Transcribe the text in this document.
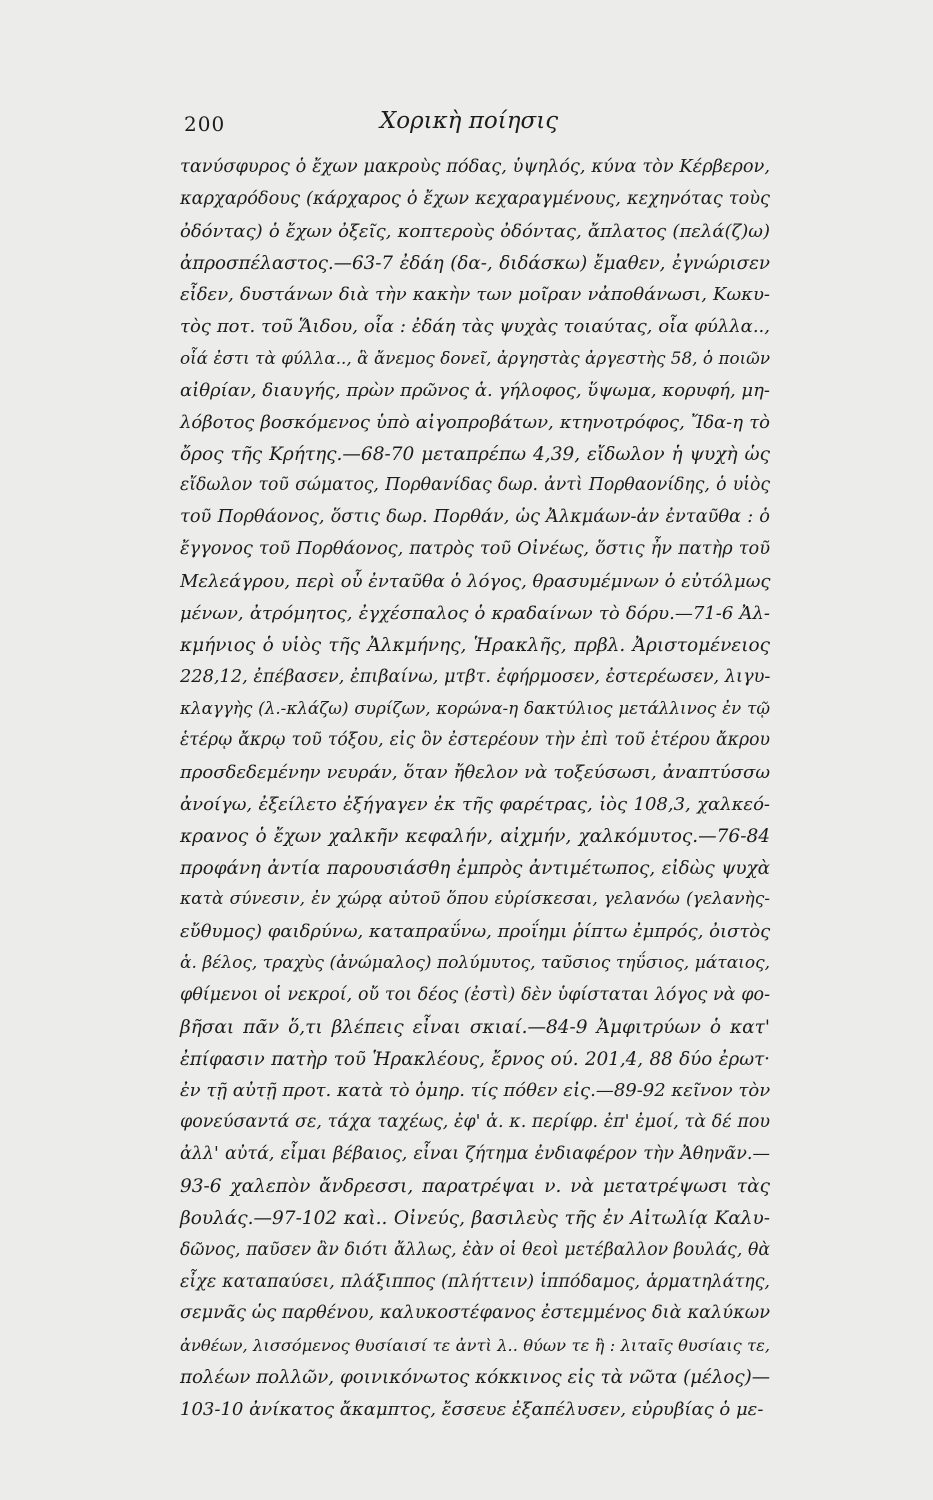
200	Χορικὴ ποίησις
τανύσφυρος ὁ ἔχων μακροὺς πόδας, ὑψηλός, κύνα τὸν Κέρβερον,
καρχαρόδους (κάρχαρος ὁ ἔχων κεχαραγμένους, κεχηνότας τοὺς
ὀδόντας) ὁ ἔχων ὀξεῖς, κοπτεροὺς ὀδόντας, ἄπλατος (πελά(ζ)ω)
ἀπροσπέλαστος.—63-7 ἐδάη (δα-, διδάσκω) ἔμαθεν, ἐγνώρισεν
εἶδεν, δυστάνων διὰ τὴν κακὴν των μοῖραν νἀποθάνωσι, Κωκυ-
τὸς ποτ. τοῦ Ἅιδου, οἷα : ἐδάη τὰς ψυχὰς τοιαύτας, οἷα φύλλα..,
οἷά ἐστι τὰ φύλλα.., ἃ ἄνεμος δονεῖ, ἀργηστὰς ἀργεστὴς 58, ὁ ποιῶν
αἰθρίαν, διαυγής, πρὼν πρῶνος ἁ. γήλοφος, ὕψωμα, κορυφή, μη-
λόβοτος βοσκόμενος ὑπὸ αἰγοπροβάτων, κτηνοτρόφος, Ἴδα-η τὸ
ὄρος τῆς Κρήτης.—68-70 μεταπρέπω 4,39, εἴδωλον ἡ ψυχὴ ὡς
εἴδωλον τοῦ σώματος, Πορθανίδας δωρ. ἀντὶ Πορθαονίδης, ὁ υἱὸς
τοῦ Πορθάονος, ὅστις δωρ. Πορθάν, ὡς Ἀλκμάων-ἀν ἐνταῦθα : ὁ
ἔγγονος τοῦ Πορθάονος, πατρὸς τοῦ Οἰνέως, ὅστις ἦν πατὴρ τοῦ
Μελεάγρου, περὶ οὗ ἐνταῦθα ὁ λόγος, θρασυμέμνων ὁ εὐτόλμως
μένων, ἀτρόμητος, ἐγχέσπαλος ὁ κραδαίνων τὸ δόρυ.—71-6 Ἀλ-
κμήνιος ὁ υἱὸς τῆς Ἀλκμήνης, Ἡρακλῆς, πρβλ. Ἀριστομένειος
228,12, ἐπέβασεν, ἐπιβαίνω, μτβτ. ἐφήρμοσεν, ἐστερέωσεν, λιγυ-
κλαγγὴς (λ.-κλάζω) συρίζων, κορώνα-η δακτύλιος μετάλλινος ἐν τῷ
ἑτέρῳ ἄκρῳ τοῦ τόξου, εἰς ὃν ἐστερέουν τὴν ἐπὶ τοῦ ἑτέρου ἄκρου
προσδεδεμένην νευράν, ὅταν ἤθελον νὰ τοξεύσωσι, ἀναπτύσσω
ἀνοίγω, ἐξείλετο ἐξήγαγεν ἐκ τῆς φαρέτρας, ἰὸς 108,3, χαλκεό-
κρανος ὁ ἔχων χαλκῆν κεφαλήν, αἰχμήν, χαλκόμυτος.—76-84
προφάνη ἀντία παρουσιάσθη ἐμπρὸς ἀντιμέτωπος, εἰδὼς ψυχὰ
κατὰ σύνεσιν, ἐν χώρᾳ αὐτοῦ ὅπου εὑρίσκεσαι, γελανόω (γελανὴς-
εὔθυμος) φαιδρύνω, καταπραΰνω, προΐημι ῥίπτω ἐμπρός, ὀιστὸς
ἁ. βέλος, τραχὺς (ἀνώμαλος) πολύμυτος, ταῦσιος τηΰσιος, μάταιος,
φθίμενοι οἱ νεκροί, οὔ τοι δέος (ἐστὶ) δὲν ὑφίσταται λόγος νὰ φο-
βῆσαι πᾶν ὅ,τι βλέπεις εἶναι σκιαί.—84-9 Ἀμφιτρύων ὁ κατ'
ἐπίφασιν πατὴρ τοῦ Ἡρακλέους, ἔρνος ού. 201,4, 88 δύο ἐρωτ·
ἐν τῇ αὐτῇ προτ. κατὰ τὸ ὁμηρ. τίς πόθεν εἰς.—89-92 κεῖνον τὸν
φονεύσαντά σε, τάχα ταχέως, ἐφ' ἁ. κ. περίφρ. ἐπ' ἐμοί, τὰ δέ που
ἀλλ' αὐτά, εἶμαι βέβαιος, εἶναι ζήτημα ἐνδιαφέρον τὴν Ἀθηνᾶν.—
93-6 χαλεπὸν ἄνδρεσσι, παρατρέψαι ν. νὰ μετατρέψωσι τὰς
βουλάς.—97-102 καὶ.. Οἰνεύς, βασιλεὺς τῆς ἐν Αἰτωλίᾳ Καλυ-
δῶνος, παῦσεν ἂν διότι ἄλλως, ἐὰν οἱ θεοὶ μετέβαλλον βουλάς, θὰ
εἶχε καταπαύσει, πλάξιππος (πλήττειν) ἱππόδαμος, ἁρματηλάτης,
σεμνᾶς ὡς παρθένου, καλυκοστέφανος ἐστεμμένος διὰ καλύκων
ἀνθέων, λισσόμενος θυσίαισί τε ἀντὶ λ.. θύων τε ἢ : λιταῖς θυσίαις τε,
πολέων πολλῶν, φοινικόνωτος κόκκινος εἰς τὰ νῶτα (μέλος)—
103-10 ἀνίκατος ἄκαμπτος, ἔσσευε ἐξαπέλυσεν, εὐρυβίας ὁ με-
